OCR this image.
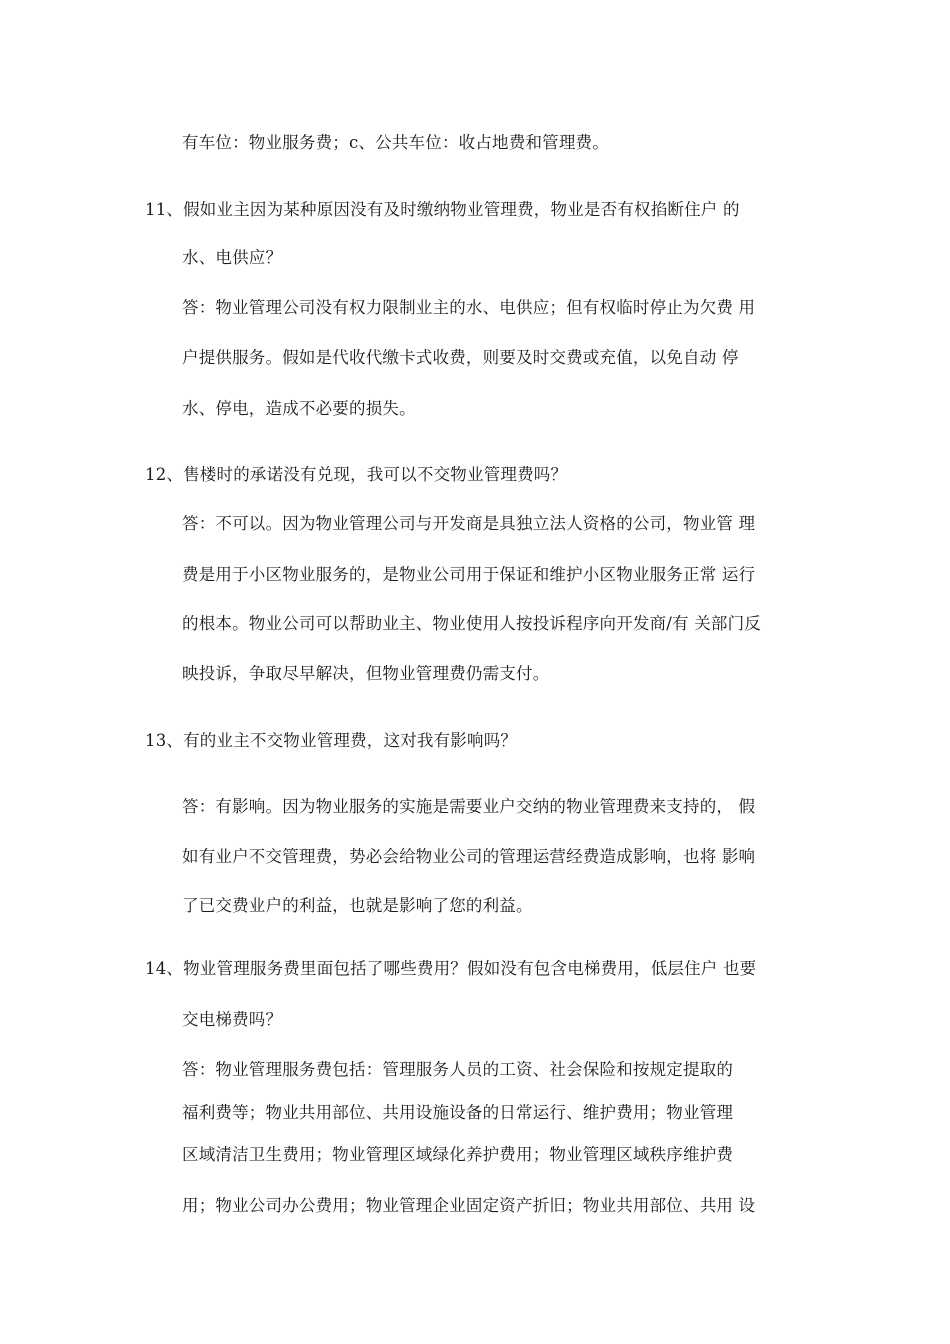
有车位：物业服务费；c、公共车位：收占地费和管理费。
11、假如业主因为某种原因没有及时缴纳物业管理费，物业是否有权掐断住户 的
水、电供应？
答：物业管理公司没有权力限制业主的水、电供应；但有权临时停止为欠费 用
户提供服务。假如是代收代缴卡式收费，则要及时交费或充值，以免自动 停
水、停电，造成不必要的损失。
12、售楼时的承诺没有兑现，我可以不交物业管理费吗？
答：不可以。因为物业管理公司与开发商是具独立法人资格的公司，物业管 理
费是用于小区物业服务的，是物业公司用于保证和维护小区物业服务正常 运行
的根本。物业公司可以帮助业主、物业使用人按投诉程序向开发商/有 关部门反
映投诉，争取尽早解决，但物业管理费仍需支付。
13、有的业主不交物业管理费，这对我有影响吗？
答：有影响。因为物业服务的实施是需要业户交纳的物业管理费来支持的， 假
如有业户不交管理费，势必会给物业公司的管理运营经费造成影响，也将 影响
了已交费业户的利益，也就是影响了您的利益。
14、物业管理服务费里面包括了哪些费用？假如没有包含电梯费用，低层住户 也要
交电梯费吗？
答：物业管理服务费包括：管理服务人员的工资、社会保险和按规定提取的
福利费等；物业共用部位、共用设施设备的日常运行、维护费用；物业管理
区域清洁卫生费用；物业管理区域绿化养护费用；物业管理区域秩序维护费
用；物业公司办公费用；物业管理企业固定资产折旧；物业共用部位、共用 设
